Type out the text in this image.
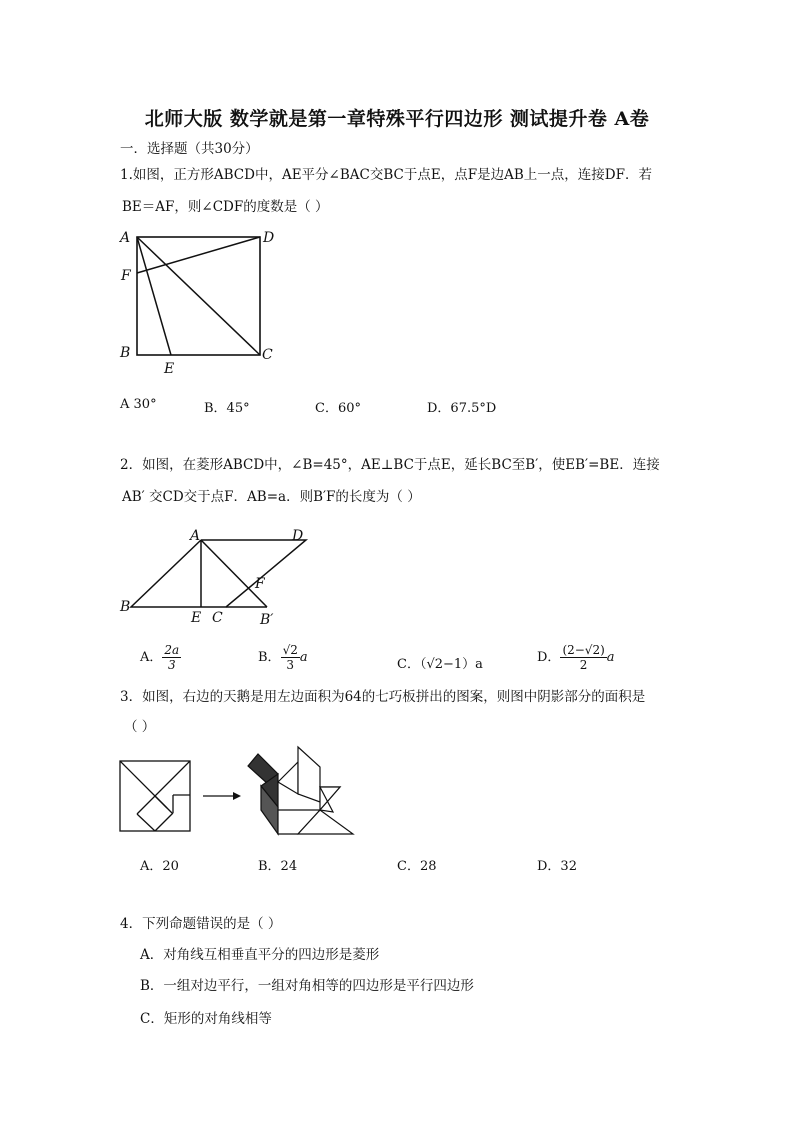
北师大版 数学就是第一章特殊平行四边形 测试提升卷 A卷
一．选择题（共30分）
1.如图，正方形ABCD中，AE平分∠BAC交BC于点E，点F是边AB上一点，连接DF．若
BE＝AF，则∠CDF的度数是（ ）
A	D
F
B	C
E
A 30°	B．45°	C．60°	D．67.5°D
2．如图，在菱形ABCD中，∠B=45°，AE⊥BC于点E，延长BC至B′，使EB′=BE．连接
AB′ 交CD交于点F．AB=a．则B′F的长度为（ ）
A	D
F
B
E C	B′
A． $\frac{2a}{3}$	B． $\frac{√2}{3}$ a	C．（√2−1）a	D． $\frac{(2-√2)}{2}$ a
3．如图，右边的天鹅是用左边面积为64的七巧板拼出的图案，则图中阴影部分的面积是
（ ）
A．20	B．24	C．28	D．32
4．下列命题错误的是（ ）
A．对角线互相垂直平分的四边形是菱形
B．一组对边平行，一组对角相等的四边形是平行四边形
C．矩形的对角线相等
